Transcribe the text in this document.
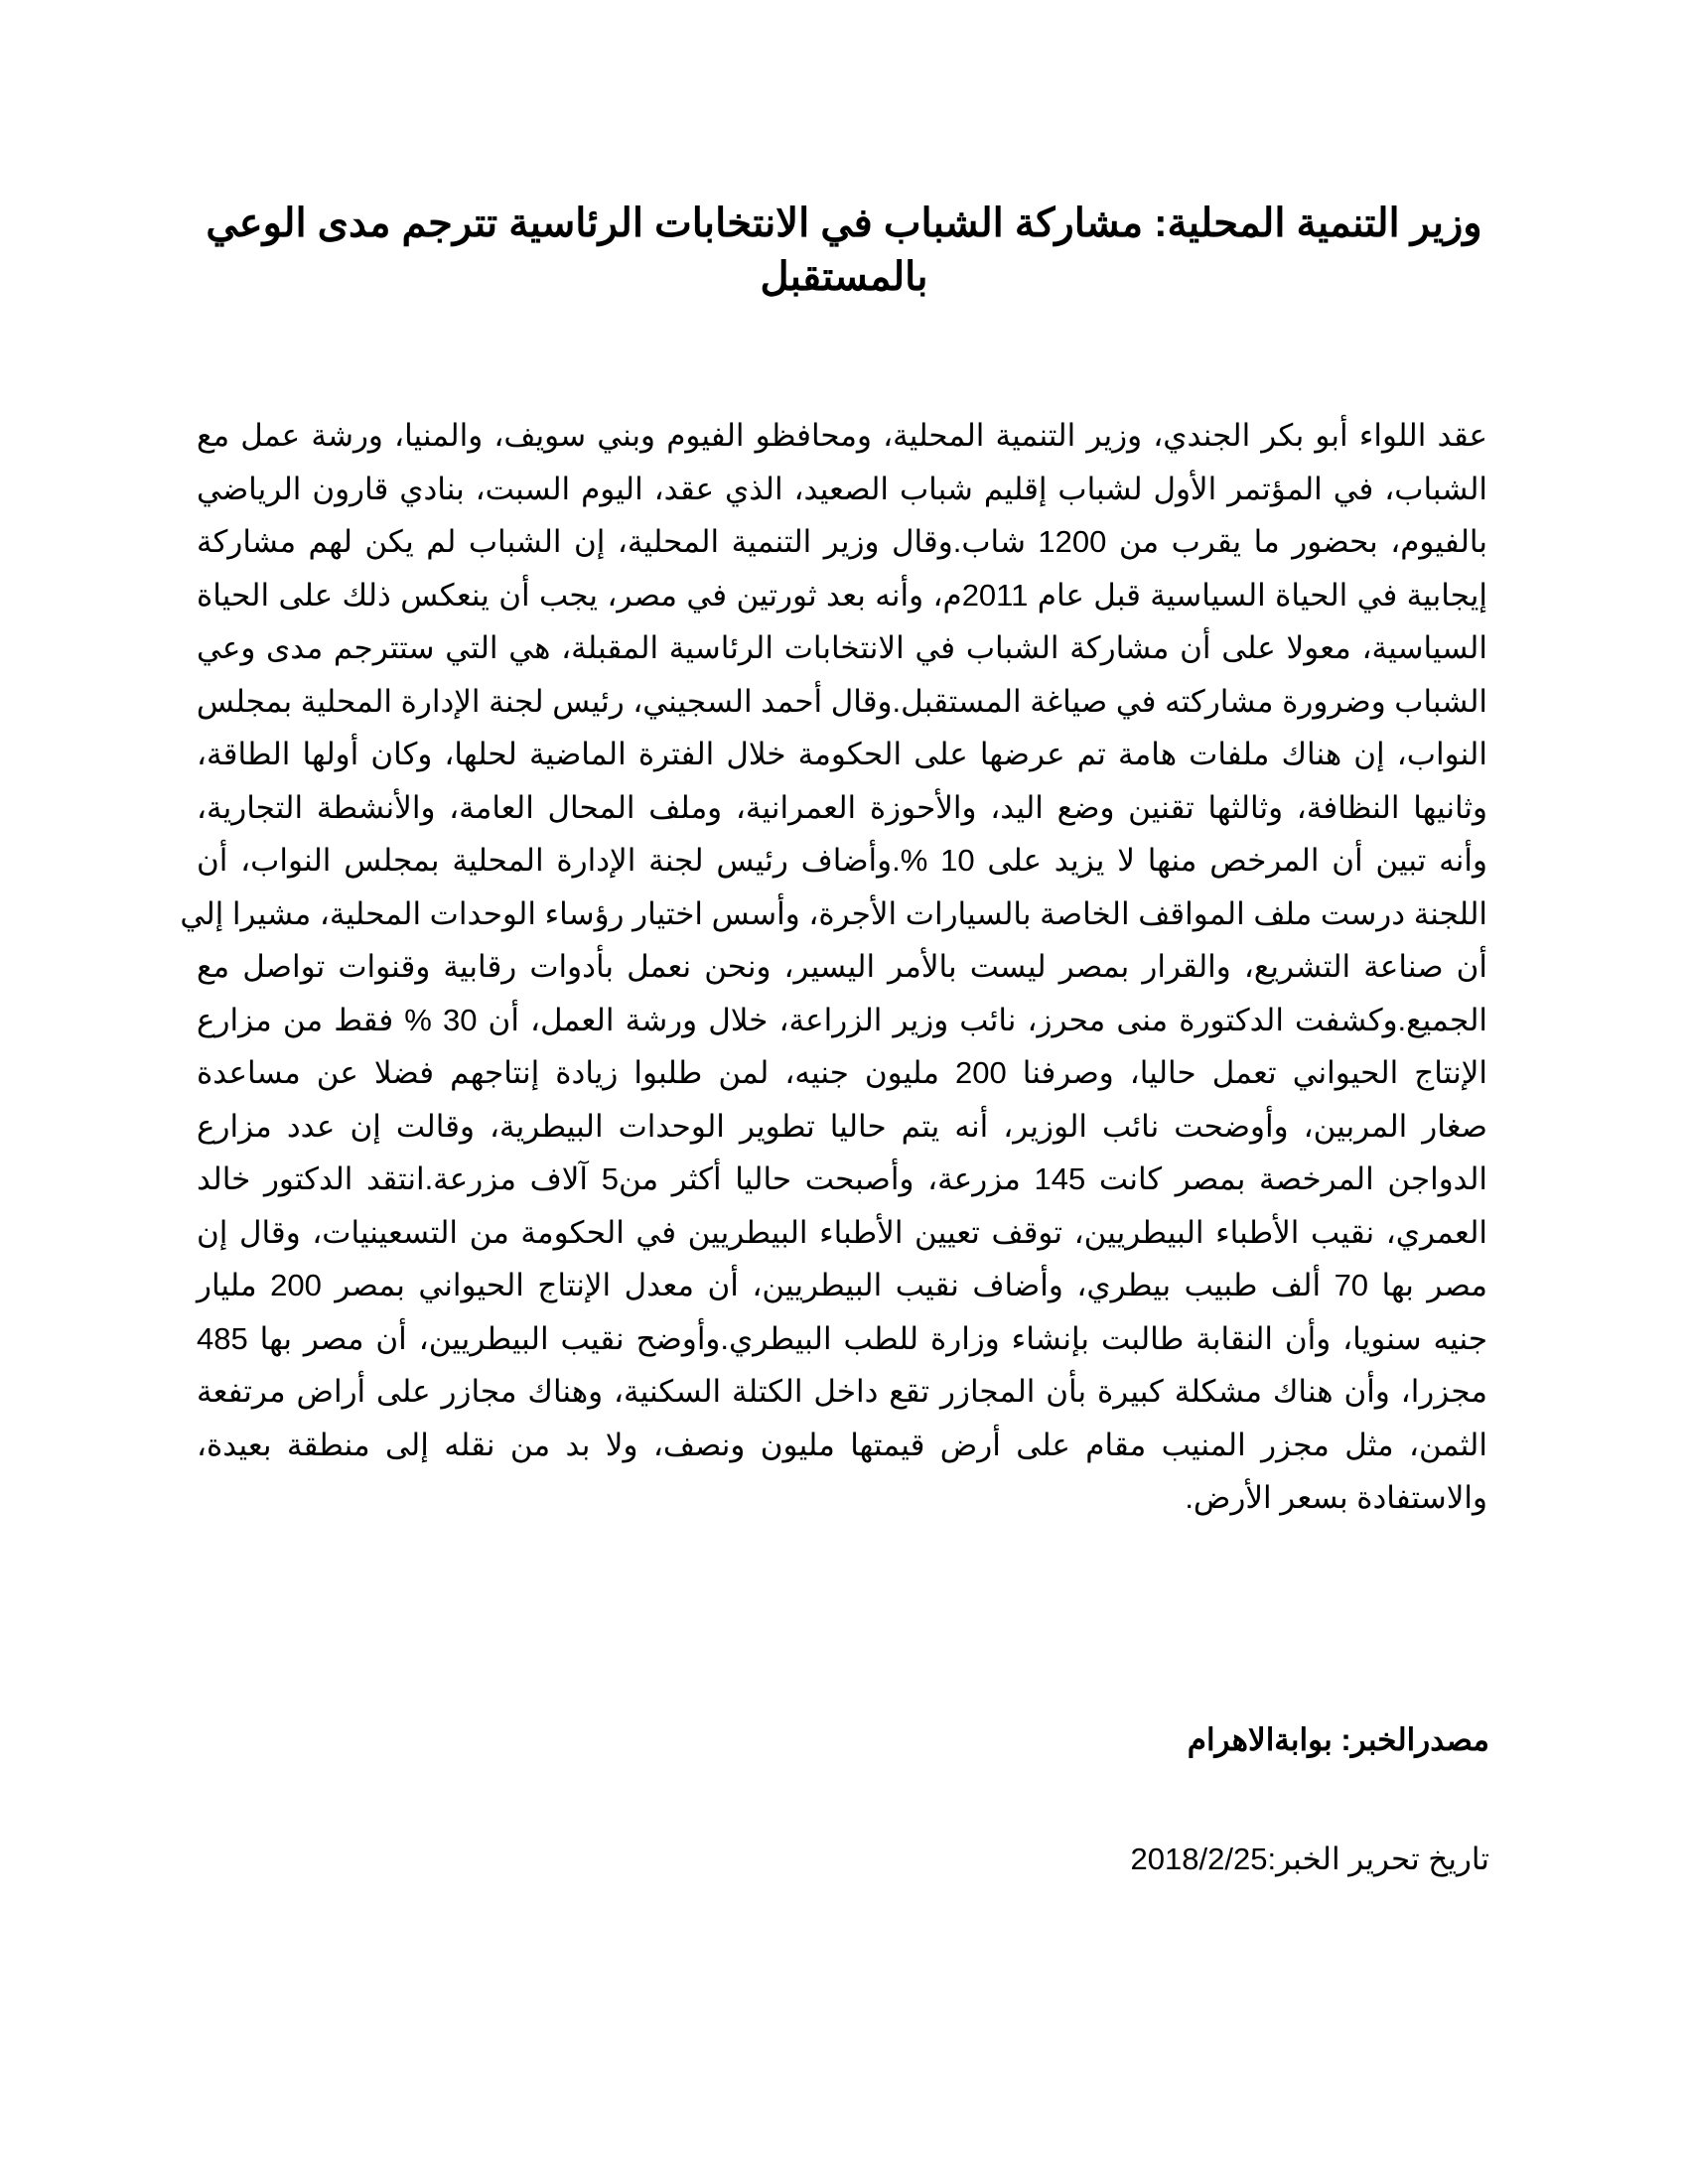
وزير التنمية المحلية: مشاركة الشباب في الانتخابات الرئاسية تترجم مدى الوعي بالمستقبل
عقد اللواء أبو بكر الجندي، وزير التنمية المحلية، ومحافظو الفيوم وبني سويف، والمنيا، ورشة عمل مع
الشباب، في المؤتمر الأول لشباب إقليم شباب الصعيد، الذي عقد، اليوم السبت، بنادي قارون الرياضي
بالفيوم، بحضور ما يقرب من 1200 شاب.وقال وزير التنمية المحلية، إن الشباب لم يكن لهم مشاركة
إيجابية في الحياة السياسية قبل عام 2011م، وأنه بعد ثورتين في مصر، يجب أن ينعكس ذلك على الحياة
السياسية، معولا على أن مشاركة الشباب في الانتخابات الرئاسية المقبلة، هي التي ستترجم مدى وعي
الشباب وضرورة مشاركته في صياغة المستقبل.وقال أحمد السجيني، رئيس لجنة الإدارة المحلية بمجلس
النواب، إن هناك ملفات هامة تم عرضها على الحكومة خلال الفترة الماضية لحلها، وكان أولها الطاقة،
وثانيها النظافة، وثالثها تقنين وضع اليد، والأحوزة العمرانية، وملف المحال العامة، والأنشطة التجارية،
وأنه تبين أن المرخص منها لا يزيد على 10 %.وأضاف رئيس لجنة الإدارة المحلية بمجلس النواب، أن
اللجنة درست ملف المواقف الخاصة بالسيارات الأجرة، وأسس اختيار رؤساء الوحدات المحلية، مشيرا إلي
أن صناعة التشريع، والقرار بمصر ليست بالأمر اليسير، ونحن نعمل بأدوات رقابية وقنوات تواصل مع
الجميع.وكشفت الدكتورة منى محرز، نائب وزير الزراعة، خلال ورشة العمل، أن 30 % فقط من مزارع
الإنتاج الحيواني تعمل حاليا، وصرفنا 200 مليون جنيه، لمن طلبوا زيادة إنتاجهم فضلا عن مساعدة
صغار المربين، وأوضحت نائب الوزير، أنه يتم حاليا تطوير الوحدات البيطرية، وقالت إن عدد مزارع
الدواجن المرخصة بمصر كانت 145 مزرعة، وأصبحت حاليا أكثر من5 آلاف مزرعة.انتقد الدكتور خالد
العمري، نقيب الأطباء البيطريين، توقف تعيين الأطباء البيطريين في الحكومة من التسعينيات، وقال إن
مصر بها 70 ألف طبيب بيطري، وأضاف نقيب البيطريين، أن معدل الإنتاج الحيواني بمصر 200 مليار
جنيه سنويا، وأن النقابة طالبت بإنشاء وزارة للطب البيطري.وأوضح نقيب البيطريين، أن مصر بها 485
مجزرا، وأن هناك مشكلة كبيرة بأن المجازر تقع داخل الكتلة السكنية، وهناك مجازر على أراض مرتفعة
الثمن، مثل مجزر المنيب مقام على أرض قيمتها مليون ونصف، ولا بد من نقله إلى منطقة بعيدة،
والاستفادة بسعر الأرض.
مصدرالخبر: بوابةالاهرام
تاريخ تحرير الخبر:2018/2/25
